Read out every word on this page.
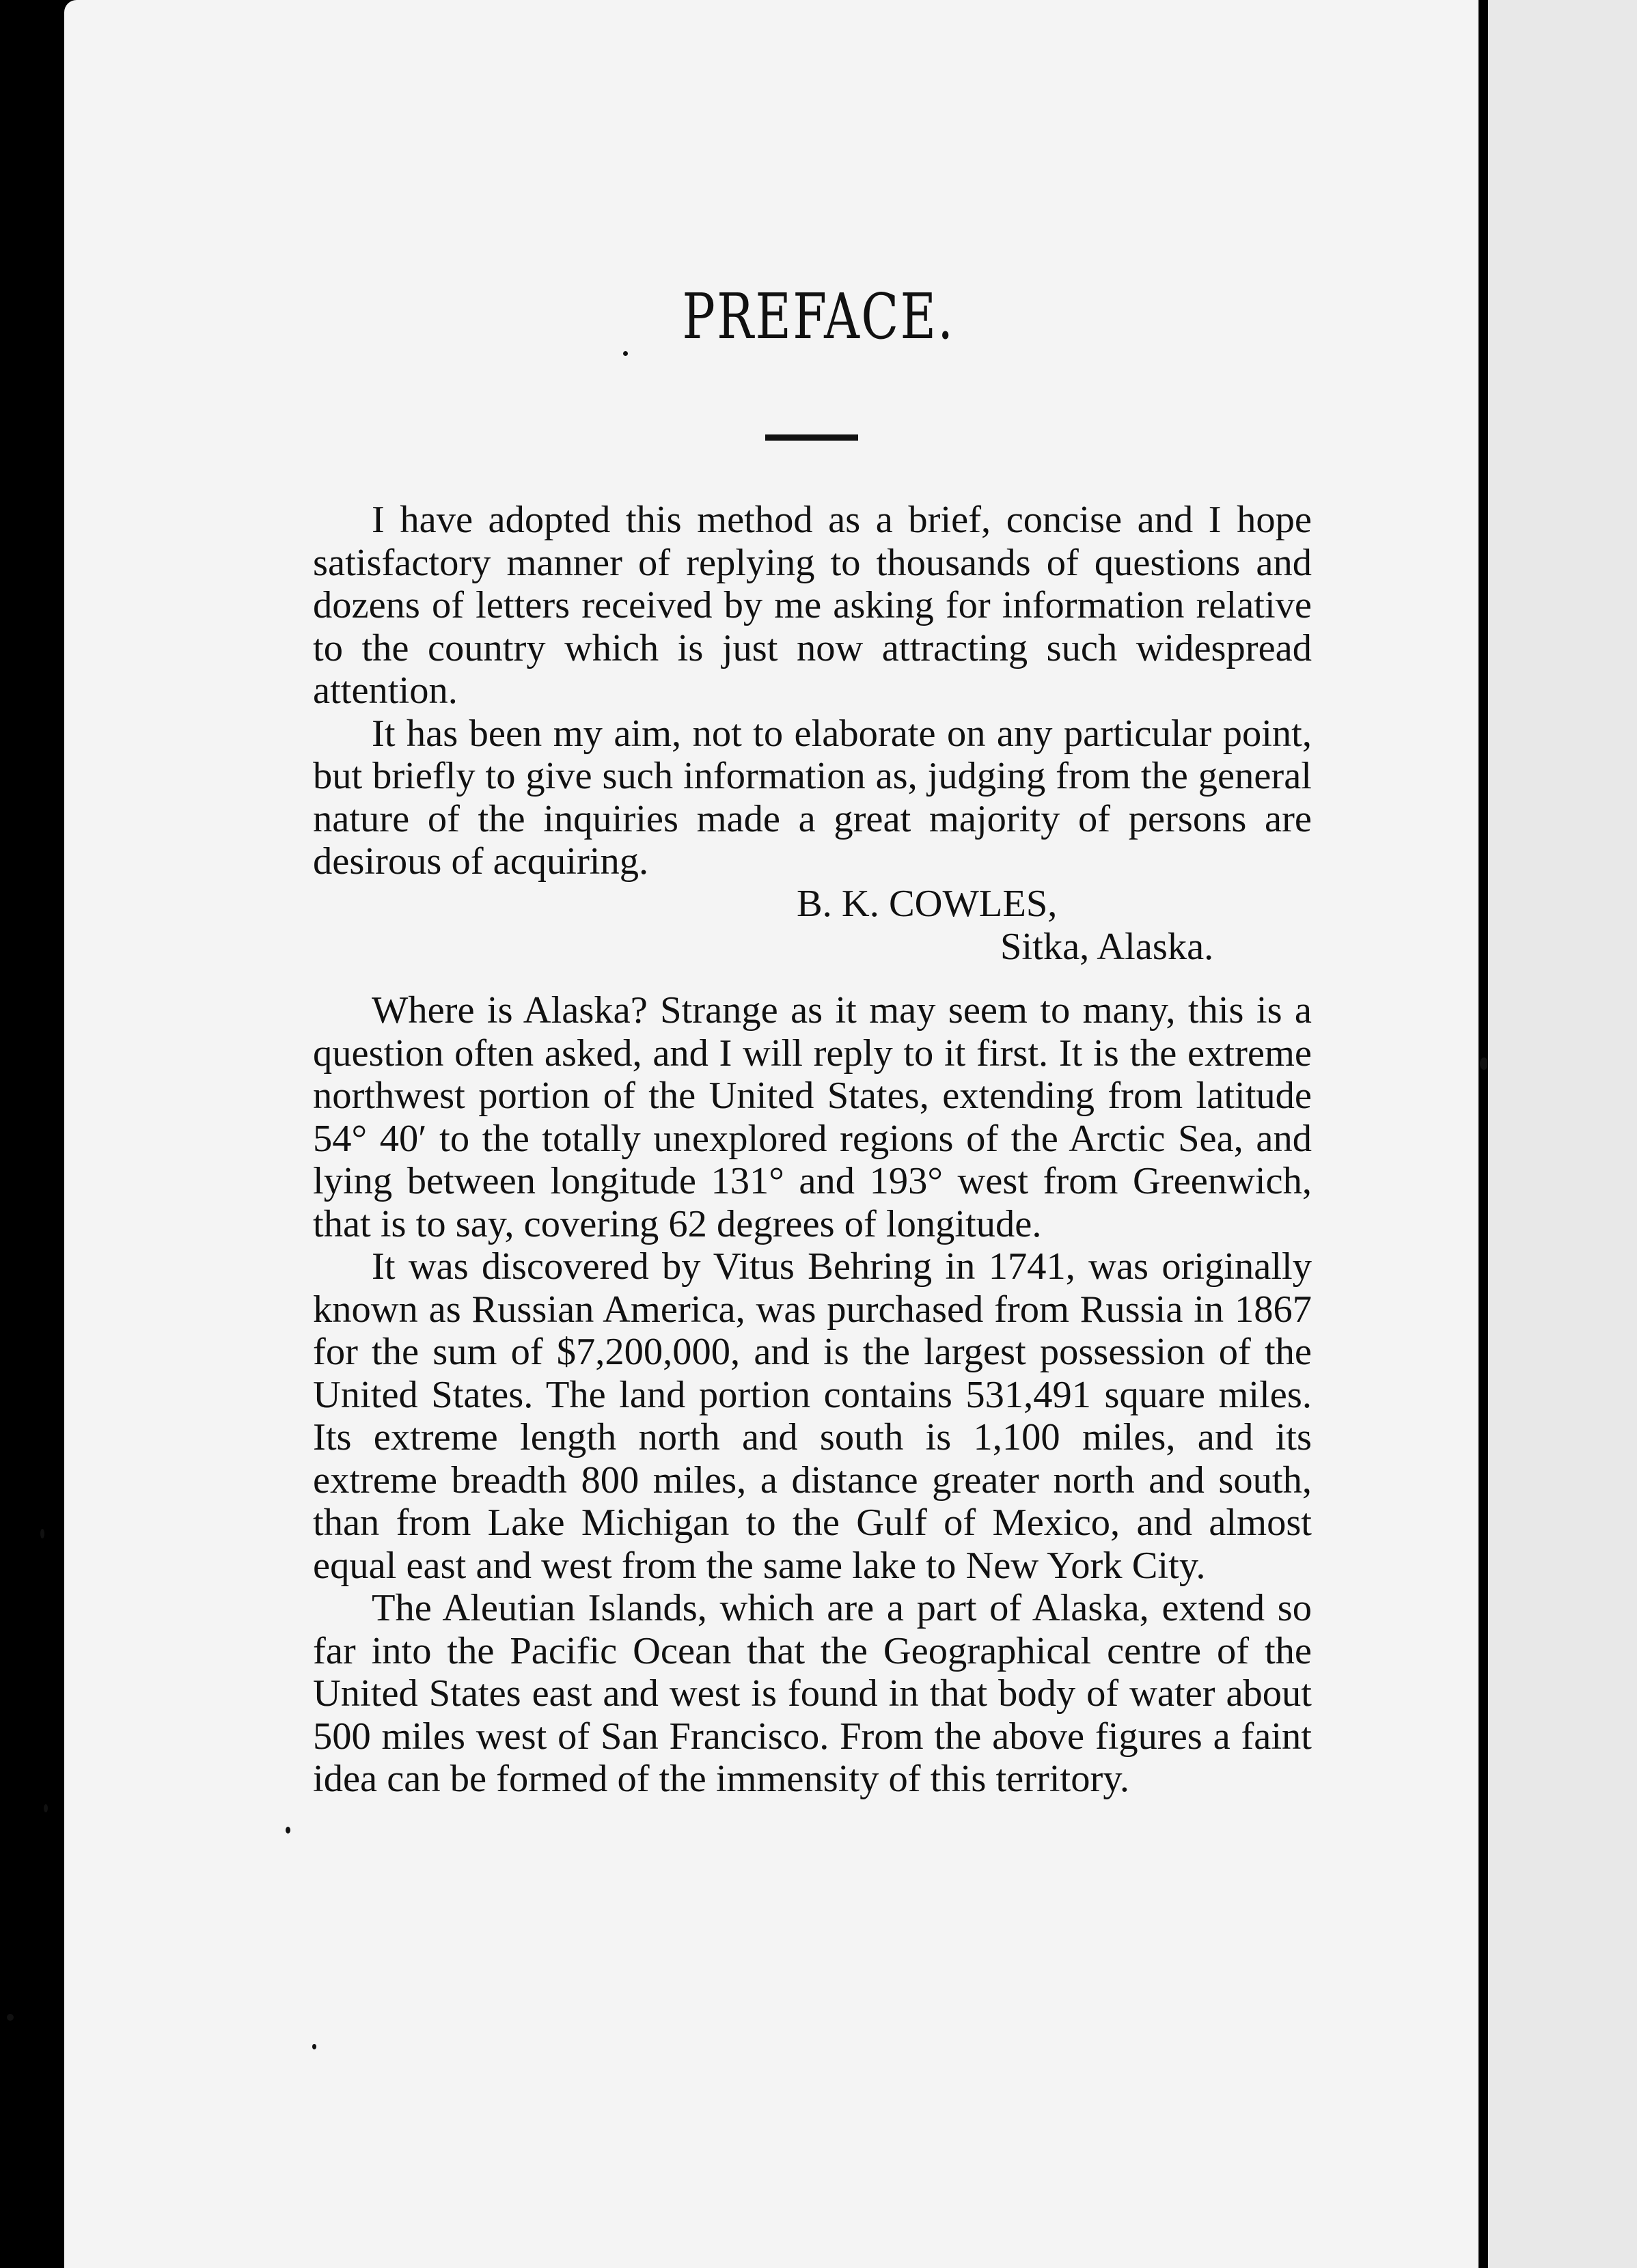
PREFACE.

I have adopted this method as a brief, concise and I hope satisfactory manner of replying to thousands of questions and dozens of letters received by me asking for information relative to the country which is just now attracting such widespread attention.

It has been my aim, not to elaborate on any particular point, but briefly to give such information as, judging from the general nature of the inquiries made a great majority of persons are desirous of acquiring.

B. K. COWLES,
Sitka, Alaska.

Where is Alaska? Strange as it may seem to many, this is a question often asked, and I will reply to it first. It is the extreme northwest portion of the United States, extending from latitude 54° 40′ to the totally unexplored regions of the Arctic Sea, and lying between longitude 131° and 193° west from Greenwich, that is to say, covering 62 degrees of longitude.

It was discovered by Vitus Behring in 1741, was originally known as Russian America, was purchased from Russia in 1867 for the sum of $7,200,000, and is the largest possession of the United States. The land portion contains 531,491 square miles. Its extreme length north and south is 1,100 miles, and its extreme breadth 800 miles, a distance greater north and south, than from Lake Michigan to the Gulf of Mexico, and almost equal east and west from the same lake to New York City.

The Aleutian Islands, which are a part of Alaska, extend so far into the Pacific Ocean that the Geographical centre of the United States east and west is found in that body of water about 500 miles west of San Francisco. From the above figures a faint idea can be formed of the immensity of this territory.
